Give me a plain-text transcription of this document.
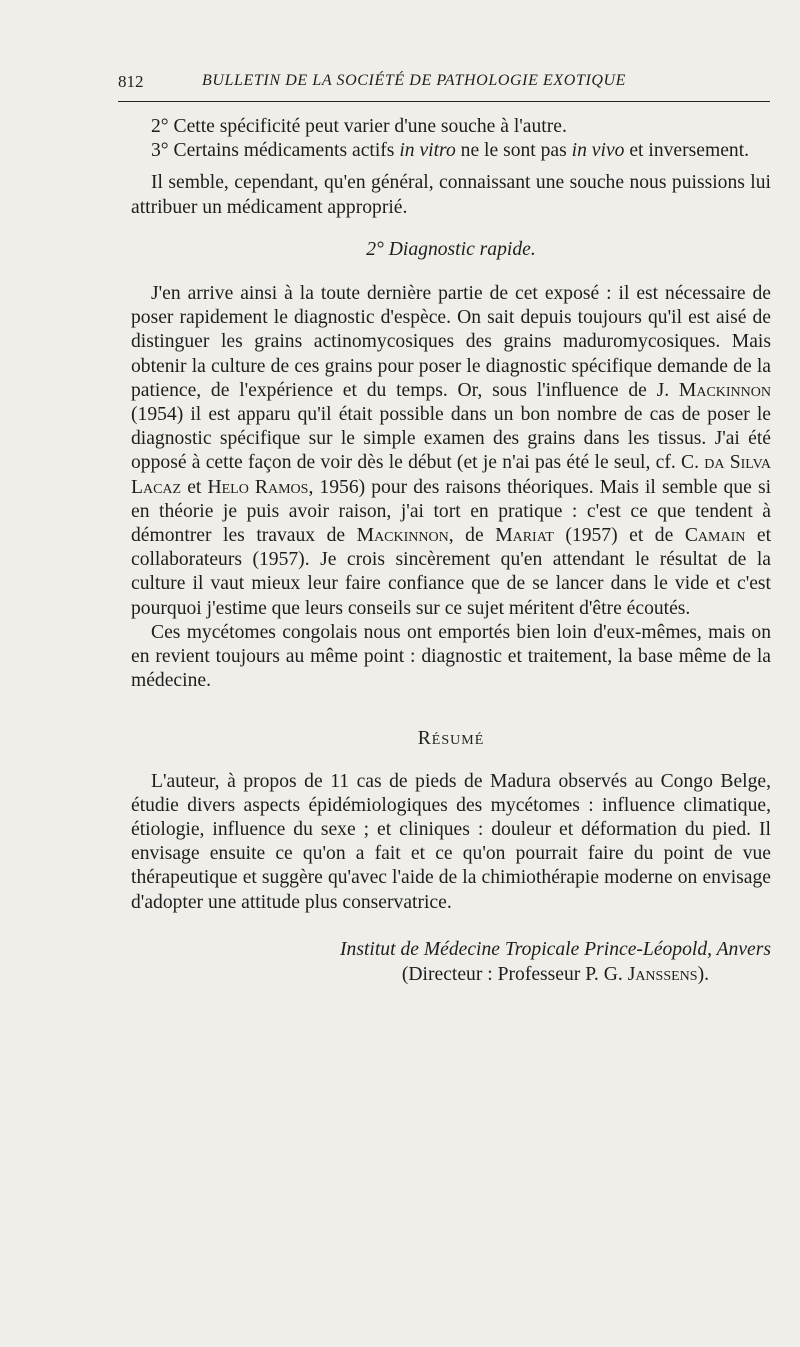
812	BULLETIN DE LA SOCIÉTÉ DE PATHOLOGIE EXOTIQUE

2° Cette spécificité peut varier d'une souche à l'autre.

3° Certains médicaments actifs in vitro ne le sont pas in vivo et inversement.

Il semble, cependant, qu'en général, connaissant une souche nous puissions lui attribuer un médicament approprié.

2° Diagnostic rapide.

J'en arrive ainsi à la toute dernière partie de cet exposé : il est nécessaire de poser rapidement le diagnostic d'espèce. On sait depuis toujours qu'il est aisé de distinguer les grains actinomycosiques des grains maduromycosiques. Mais obtenir la culture de ces grains pour poser le diagnostic spécifique demande de la patience, de l'expérience et du temps. Or, sous l'influence de J. Mackinnon (1954) il est apparu qu'il était possible dans un bon nombre de cas de poser le diagnostic spécifique sur le simple examen des grains dans les tissus. J'ai été opposé à cette façon de voir dès le début (et je n'ai pas été le seul, cf. C. da Silva Lacaz et Helo Ramos, 1956) pour des raisons théoriques. Mais il semble que si en théorie je puis avoir raison, j'ai tort en pratique : c'est ce que tendent à démontrer les travaux de Mackinnon, de Mariat (1957) et de Camain et collaborateurs (1957). Je crois sincèrement qu'en attendant le résultat de la culture il vaut mieux leur faire confiance que de se lancer dans le vide et c'est pourquoi j'estime que leurs conseils sur ce sujet méritent d'être écoutés.

Ces mycétomes congolais nous ont emportés bien loin d'eux-mêmes, mais on en revient toujours au même point : diagnostic et traitement, la base même de la médecine.

Résumé

L'auteur, à propos de 11 cas de pieds de Madura observés au Congo Belge, étudie divers aspects épidémiologiques des mycétomes : influence climatique, étiologie, influence du sexe ; et cliniques : douleur et déformation du pied. Il envisage ensuite ce qu'on a fait et ce qu'on pourrait faire du point de vue thérapeutique et suggère qu'avec l'aide de la chimiothérapie moderne on envisage d'adopter une attitude plus conservatrice.

Institut de Médecine Tropicale Prince-Léopold, Anvers

(Directeur : Professeur P. G. Janssens).
